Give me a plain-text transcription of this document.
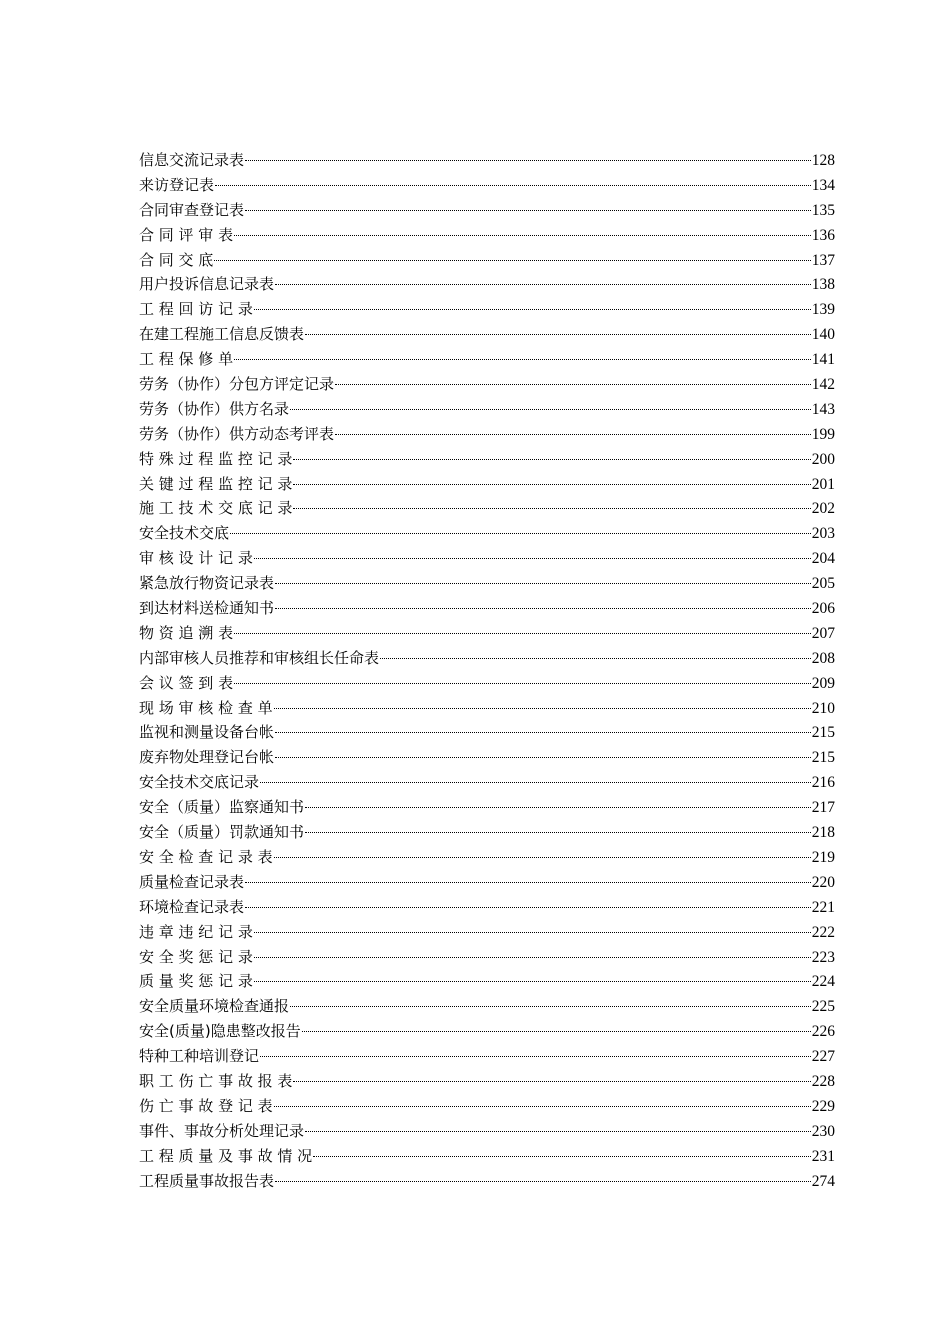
信息交流记录表	128
来访登记表	134
合同审查登记表	135
合 同 评 审 表	136
合 同 交 底	137
用户投诉信息记录表	138
工 程 回 访 记 录	139
在建工程施工信息反馈表	140
工 程 保 修 单	141
劳务（协作）分包方评定记录	142
劳务（协作）供方名录	143
劳务（协作）供方动态考评表	199
特 殊 过 程 监 控 记 录	200
关 键 过 程 监 控 记 录	201
施 工 技 术 交 底 记 录	202
安全技术交底	203
审 核 设 计 记 录	204
紧急放行物资记录表	205
到达材料送检通知书	206
物 资 追 溯 表	207
内部审核人员推荐和审核组长任命表	208
会 议 签 到 表	209
现 场 审 核 检 查 单	210
监视和测量设备台帐	215
废弃物处理登记台帐	215
安全技术交底记录	216
安全（质量）监察通知书	217
安全（质量）罚款通知书	218
安 全 检 查 记 录 表	219
质量检查记录表	220
环境检查记录表	221
违 章 违 纪 记 录	222
安 全 奖 惩 记 录	223
质 量 奖 惩 记 录	224
安全质量环境检查通报	225
安全(质量)隐患整改报告	226
特种工种培训登记	227
职 工 伤 亡 事 故 报 表	228
伤 亡 事 故 登 记 表	229
事件、事故分析处理记录	230
工 程 质 量 及 事 故 情 况	231
工程质量事故报告表	274
